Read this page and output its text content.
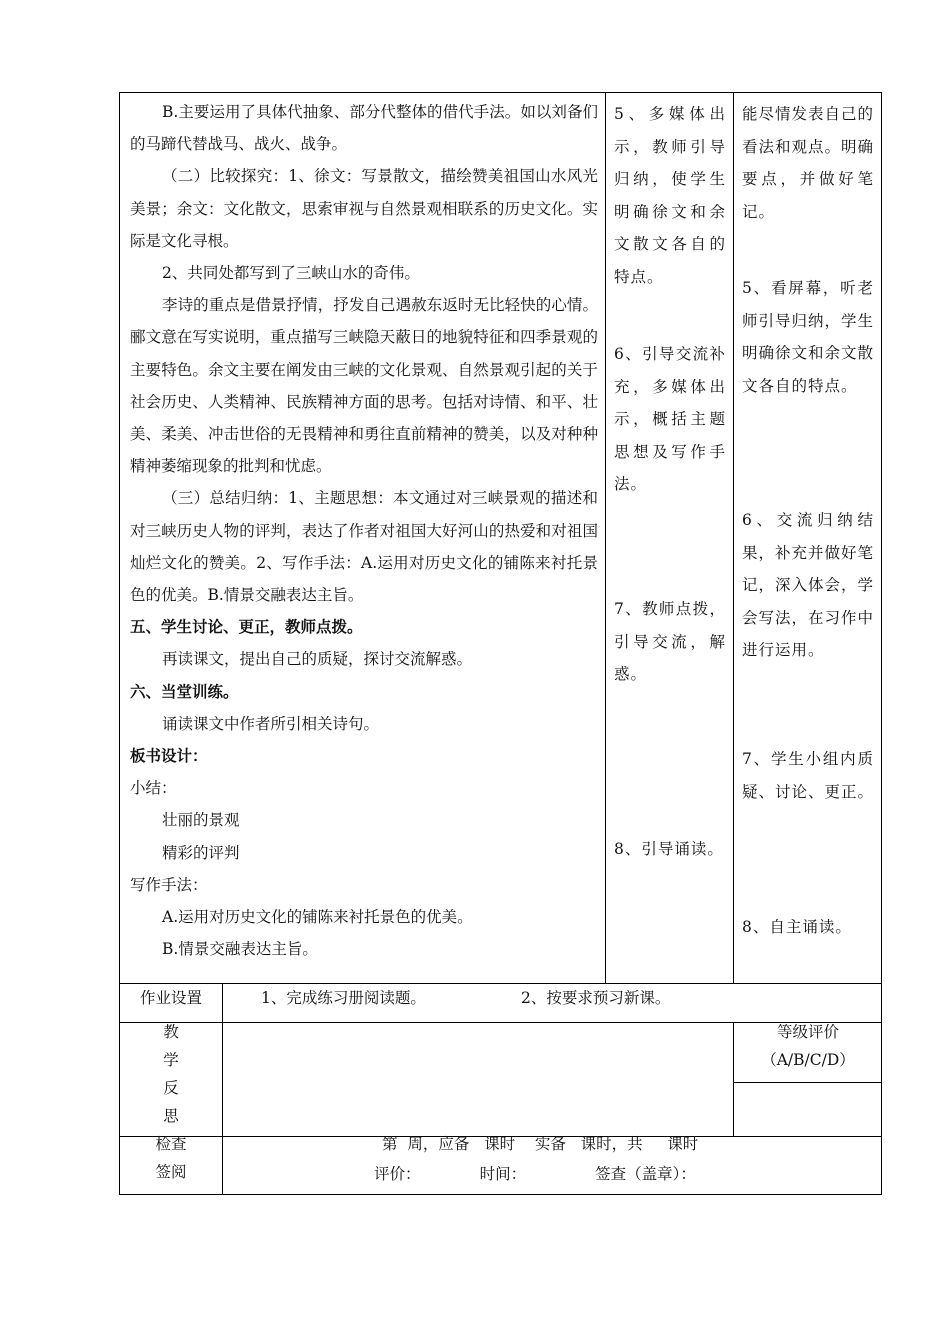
B.主要运用了具体代抽象、部分代整体的借代手法。如以刘备们的马蹄代替战马、战火、战争。

（二）比较探究：1、徐文：写景散文，描绘赞美祖国山水风光美景；余文：文化散文，思索审视与自然景观相联系的历史文化。实际是文化寻根。

2、共同处都写到了三峡山水的奇伟。

李诗的重点是借景抒情，抒发自己遇赦东返时无比轻快的心情。郦文意在写实说明，重点描写三峡隐天蔽日的地貌特征和四季景观的主要特色。余文主要在阐发由三峡的文化景观、自然景观引起的关于社会历史、人类精神、民族精神方面的思考。包括对诗情、和平、壮美、柔美、冲击世俗的无畏精神和勇往直前精神的赞美，以及对种种精神萎缩现象的批判和忧虑。

（三）总结归纳：1、主题思想：本文通过对三峡景观的描述和对三峡历史人物的评判，表达了作者对祖国大好河山的热爱和对祖国灿烂文化的赞美。2、写作手法：A.运用对历史文化的铺陈来衬托景色的优美。B.情景交融表达主旨。

五、学生讨论、更正，教师点拨。

再读课文，提出自己的质疑，探讨交流解惑。

六、当堂训练。

诵读课文中作者所引相关诗句。

板书设计：

小结：

壮丽的景观

精彩的评判

写作手法：

A.运用对历史文化的铺陈来衬托景色的优美。

B.情景交融表达主旨。

5、多媒体出示，教师引导归纳，使学生明确徐文和余文散文各自的特点。
6、引导交流补充，多媒体出示，概括主题思想及写作手法。
7、教师点拨，引导交流，解惑。
8、引导诵读。
能尽情发表自己的看法和观点。明确要点，并做好笔记。
5、看屏幕，听老师引导归纳，学生明确徐文和余文散文各自的特点。
6、交流归纳结果，补充并做好笔记，深入体会，学会写法，在习作中进行运用。
7、学生小组内质疑、讨论、更正。
8、自主诵读。
作业设置	1、完成练习册阅读题。	2、按要求预习新课。
教
学
反
思
等级评价
（A/B/C/D）
检查
签阅
第  周，应备   课时    实备   课时，共     课时
评价：            时间：              签查（盖章）：
